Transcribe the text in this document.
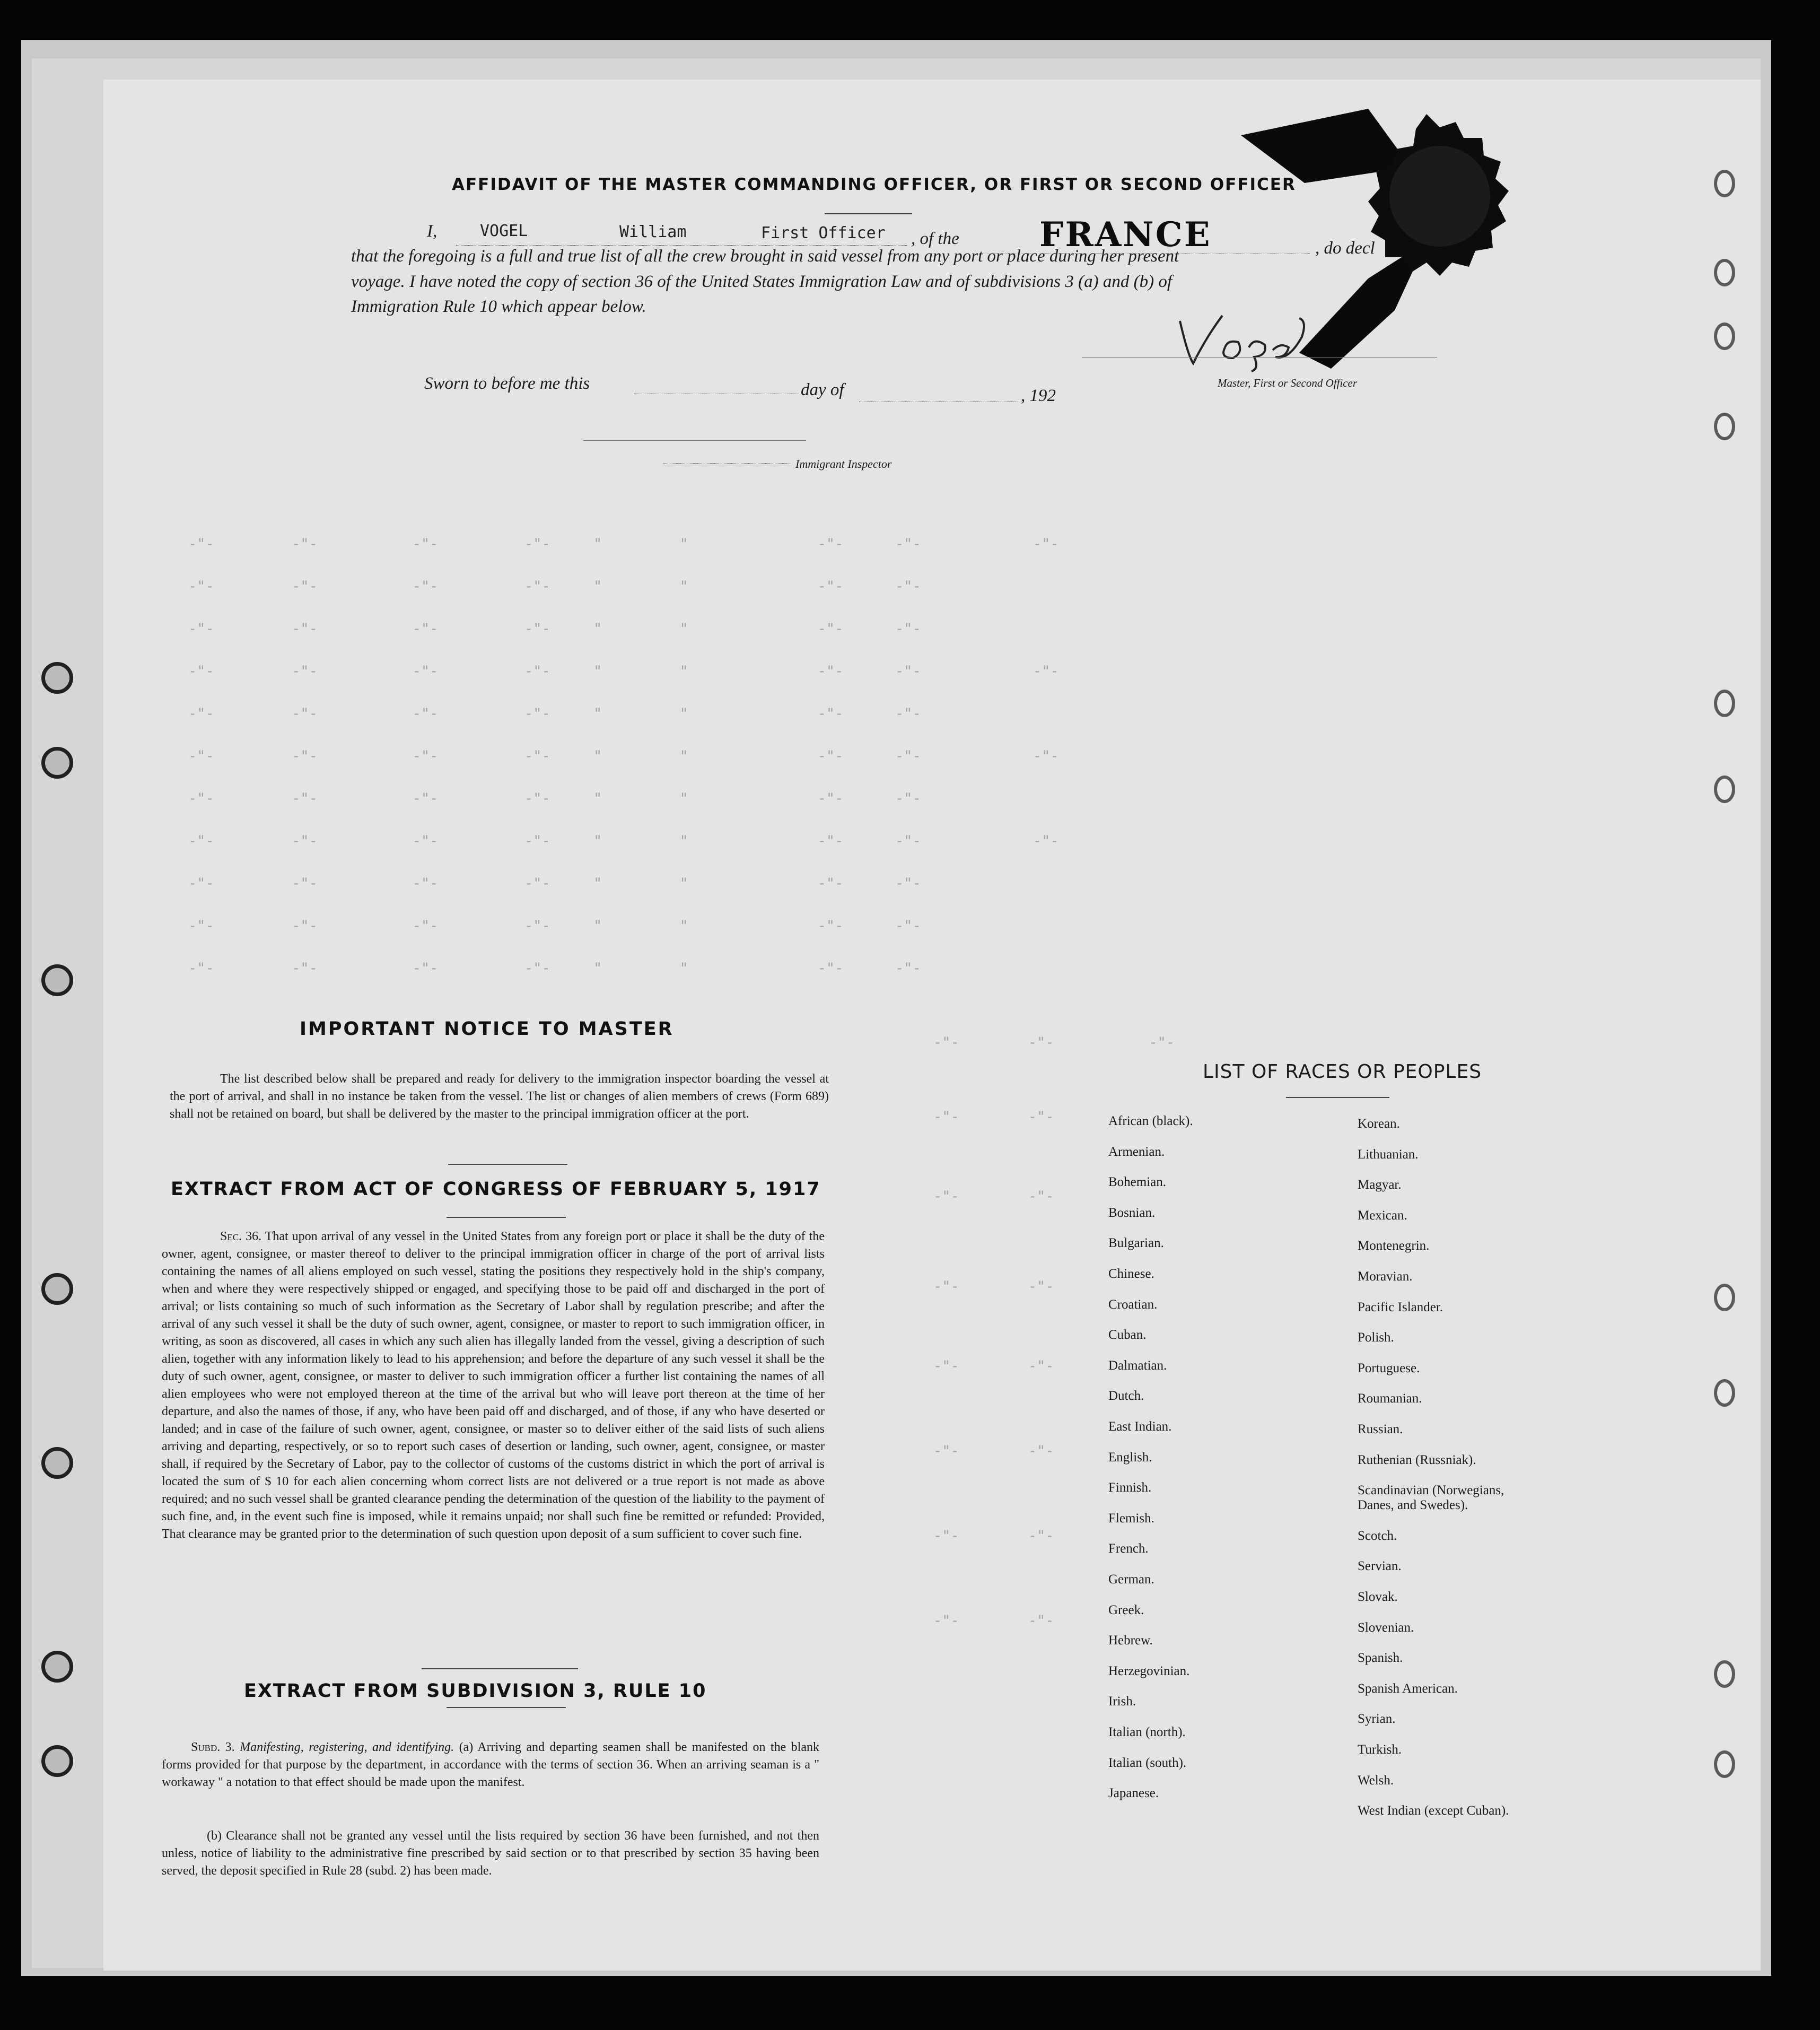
-"-         -"-           -"-          -"-     "         "               -"-      -"-             -"-
-"-         -"-           -"-          -"-     "         "               -"-      -"-
-"-         -"-           -"-          -"-     "         "               -"-      -"-
-"-         -"-           -"-          -"-     "         "               -"-      -"-             -"-
-"-         -"-           -"-          -"-     "         "               -"-      -"-
-"-         -"-           -"-          -"-     "         "               -"-      -"-             -"-
-"-         -"-           -"-          -"-     "         "               -"-      -"-
-"-         -"-           -"-          -"-     "         "               -"-      -"-             -"-
-"-         -"-           -"-          -"-     "         "               -"-      -"-
-"-         -"-           -"-          -"-     "         "               -"-      -"-
-"-         -"-           -"-          -"-     "         "               -"-      -"-
-"-        -"-           -"-
-"-        -"-
-"-        -"-
-"-        -"-
-"-        -"-
-"-        -"-
-"-        -"-
-"-        -"-
AFFIDAVIT OF THE MASTER COMMANDING OFFICER, OR FIRST OR SECOND OFFICER
I,	VOGEL	William	First Officer , of the FRANCE	, do decl
that the foregoing is a full and true list of all the crew brought in said vessel from any port or place during her present
voyage. I have noted the copy of section 36 of the United States Immigration Law and of subdivisions 3 (a) and (b) of
Immigration Rule 10 which appear below.
Master, First or Second Officer
Sworn to before me this	day of	, 192
Immigrant Inspector
IMPORTANT NOTICE TO MASTER
The list described below shall be prepared and ready for delivery to the immigration inspector boarding the vessel at the port of arrival, and shall in no instance be taken from the vessel. The list or changes of alien members of crews (Form 689) shall not be retained on board, but shall be delivered by the master to the principal immigration officer at the port.
EXTRACT FROM ACT OF CONGRESS OF FEBRUARY 5, 1917
Sec. 36. That upon arrival of any vessel in the United States from any foreign port or place it shall be the duty of the owner, agent, consignee, or master thereof to deliver to the principal immigration officer in charge of the port of arrival lists containing the names of all aliens employed on such vessel, stating the positions they respectively hold in the ship's company, when and where they were respectively shipped or engaged, and specifying those to be paid off and discharged in the port of arrival; or lists containing so much of such information as the Secretary of Labor shall by regulation prescribe; and after the arrival of any such vessel it shall be the duty of such owner, agent, consignee, or master to report to such immigration officer, in writing, as soon as discovered, all cases in which any such alien has illegally landed from the vessel, giving a description of such alien, together with any information likely to lead to his apprehension; and before the departure of any such vessel it shall be the duty of such owner, agent, consignee, or master to deliver to such immigration officer a further list containing the names of all alien employees who were not employed thereon at the time of the arrival but who will leave port thereon at the time of her departure, and also the names of those, if any, who have been paid off and discharged, and of those, if any who have deserted or landed; and in case of the failure of such owner, agent, consignee, or master so to deliver either of the said lists of such aliens arriving and departing, respectively, or so to report such cases of desertion or landing, such owner, agent, consignee, or master shall, if required by the Secretary of Labor, pay to the collector of customs of the customs district in which the port of arrival is located the sum of $ 10 for each alien concerning whom correct lists are not delivered or a true report is not made as above required; and no such vessel shall be granted clearance pending the determination of the question of the liability to the payment of such fine, and, in the event such fine is imposed, while it remains unpaid; nor shall such fine be remitted or refunded: Provided, That clearance may be granted prior to the determination of such question upon deposit of a sum sufficient to cover such fine.
EXTRACT FROM SUBDIVISION 3, RULE 10
Subd. 3. Manifesting, registering, and identifying. (a) Arriving and departing seamen shall be manifested on the blank forms provided for that purpose by the department, in accordance with the terms of section 36. When an arriving seaman is a " workaway " a notation to that effect should be made upon the manifest.
(b) Clearance shall not be granted any vessel until the lists required by section 36 have been furnished, and not then unless, notice of liability to the administrative fine prescribed by said section or to that prescribed by section 35 having been served, the deposit specified in Rule 28 (subd. 2) has been made.
LIST OF RACES OR PEOPLES
African (black).
Armenian.
Bohemian.
Bosnian.
Bulgarian.
Chinese.
Croatian.
Cuban.
Dalmatian.
Dutch.
East Indian.
English.
Finnish.
Flemish.
French.
German.
Greek.
Hebrew.
Herzegovinian.
Irish.
Italian (north).
Italian (south).
Japanese.
Korean.
Lithuanian.
Magyar.
Mexican.
Montenegrin.
Moravian.
Pacific Islander.
Polish.
Portuguese.
Roumanian.
Russian.
Ruthenian (Russniak).
Scandinavian (Norwegians, Danes, and Swedes).
Scotch.
Servian.
Slovak.
Slovenian.
Spanish.
Spanish American.
Syrian.
Turkish.
Welsh.
West Indian (except Cuban).
